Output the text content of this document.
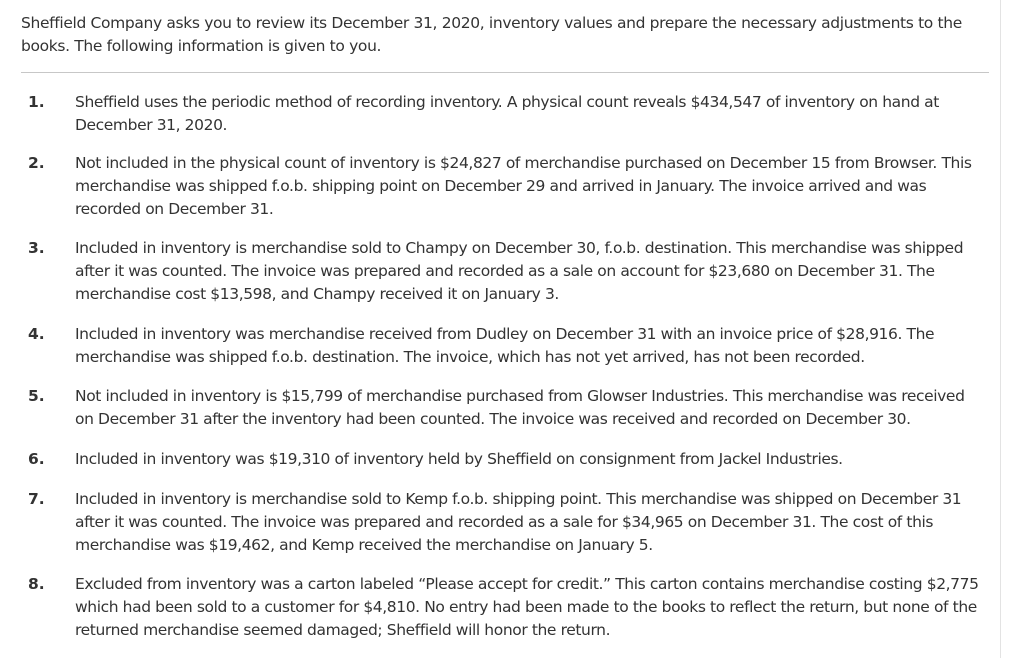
Sheffield Company asks you to review its December 31, 2020, inventory values and prepare the necessary adjustments to the books. The following information is given to you.

1. Sheffield uses the periodic method of recording inventory. A physical count reveals $434,547 of inventory on hand at December 31, 2020.

2. Not included in the physical count of inventory is $24,827 of merchandise purchased on December 15 from Browser. This merchandise was shipped f.o.b. shipping point on December 29 and arrived in January. The invoice arrived and was recorded on December 31.

3. Included in inventory is merchandise sold to Champy on December 30, f.o.b. destination. This merchandise was shipped after it was counted. The invoice was prepared and recorded as a sale on account for $23,680 on December 31. The merchandise cost $13,598, and Champy received it on January 3.

4. Included in inventory was merchandise received from Dudley on December 31 with an invoice price of $28,916. The merchandise was shipped f.o.b. destination. The invoice, which has not yet arrived, has not been recorded.

5. Not included in inventory is $15,799 of merchandise purchased from Glowser Industries. This merchandise was received on December 31 after the inventory had been counted. The invoice was received and recorded on December 30.

6. Included in inventory was $19,310 of inventory held by Sheffield on consignment from Jackel Industries.

7. Included in inventory is merchandise sold to Kemp f.o.b. shipping point. This merchandise was shipped on December 31 after it was counted. The invoice was prepared and recorded as a sale for $34,965 on December 31. The cost of this merchandise was $19,462, and Kemp received the merchandise on January 5.

8. Excluded from inventory was a carton labeled “Please accept for credit.” This carton contains merchandise costing $2,775 which had been sold to a customer for $4,810. No entry had been made to the books to reflect the return, but none of the returned merchandise seemed damaged; Sheffield will honor the return.
